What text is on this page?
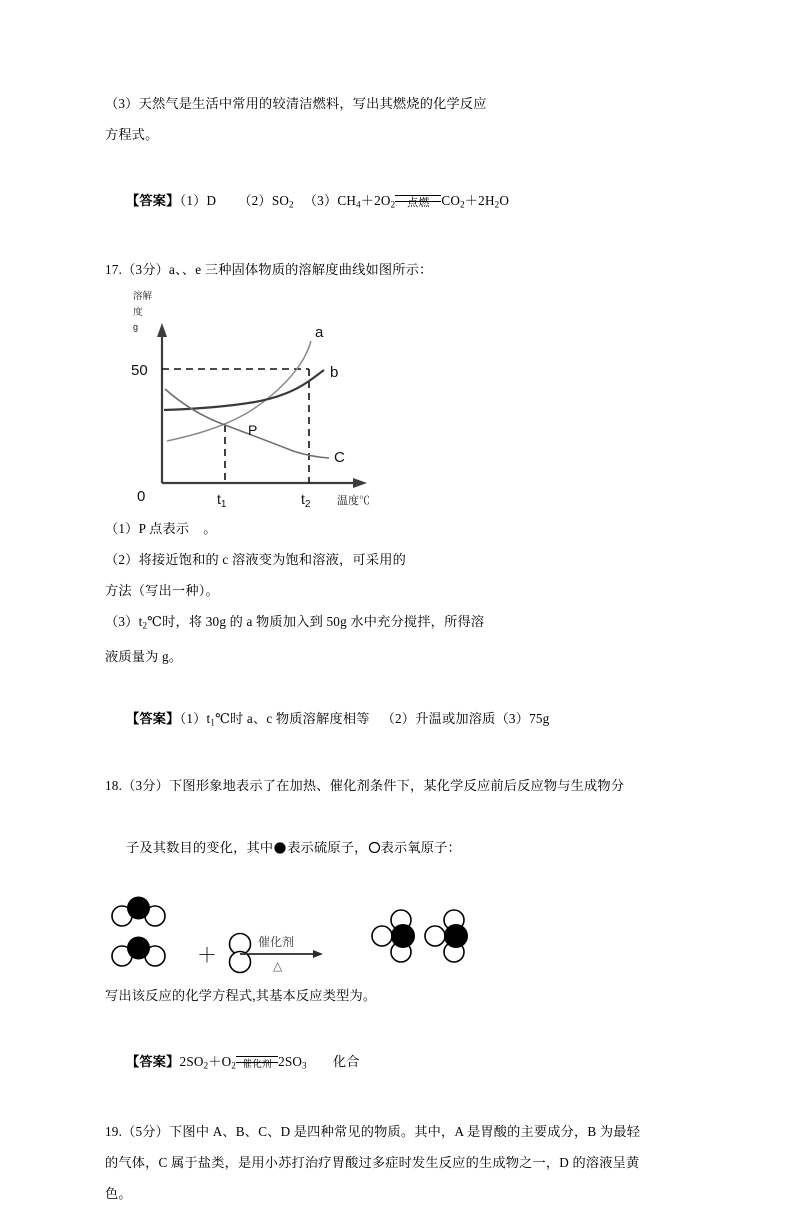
（3）天然气是生活中常用的较清洁燃料，写出其燃烧的化学反应
方程式。

【答案】（1）D $(2)SO_2$ $(3)CH_4+2O_2$ 点燃 $CO_2+2H_2O$

17.（3分）a、、e 三种固体物质的溶解度曲线如图所示：
溶解
度
g	a
b
C
P
50
0	$t_1$	$t_2$ 温度℃
（1）P 点表示    。
（2）将接近饱和的 c 溶液变为饱和溶液，可采用的
方法（写出一种）。
$(3)t_2℃$时，将 30g 的 a 物质加入到 50g 水中充分搅拌，所得溶
液质量为 g。

【答案】$(1)t_1℃$时 a、c 物质溶解度相等 （2）升温或加溶质（3）75g

18.（3分）下图形象地表示了在加热、催化剂条件下，某化学反应前后反应物与生成物分

子及其数目的变化，其中 表示硫原子， 表示氧原子：

＋
催化剂
△
写出该反应的化学方程式,其基本反应类型为。

【答案】$2SO_2+O_2$ 催化剂 $2SO_3$ 化合

19.（5分）下图中 A、B、C、D 是四种常见的物质。其中，A 是胃酸的主要成分，B 为最轻
的气体，C 属于盐类，是用小苏打治疗胃酸过多症时发生反应的生成物之一，D 的溶液呈黄
色。
